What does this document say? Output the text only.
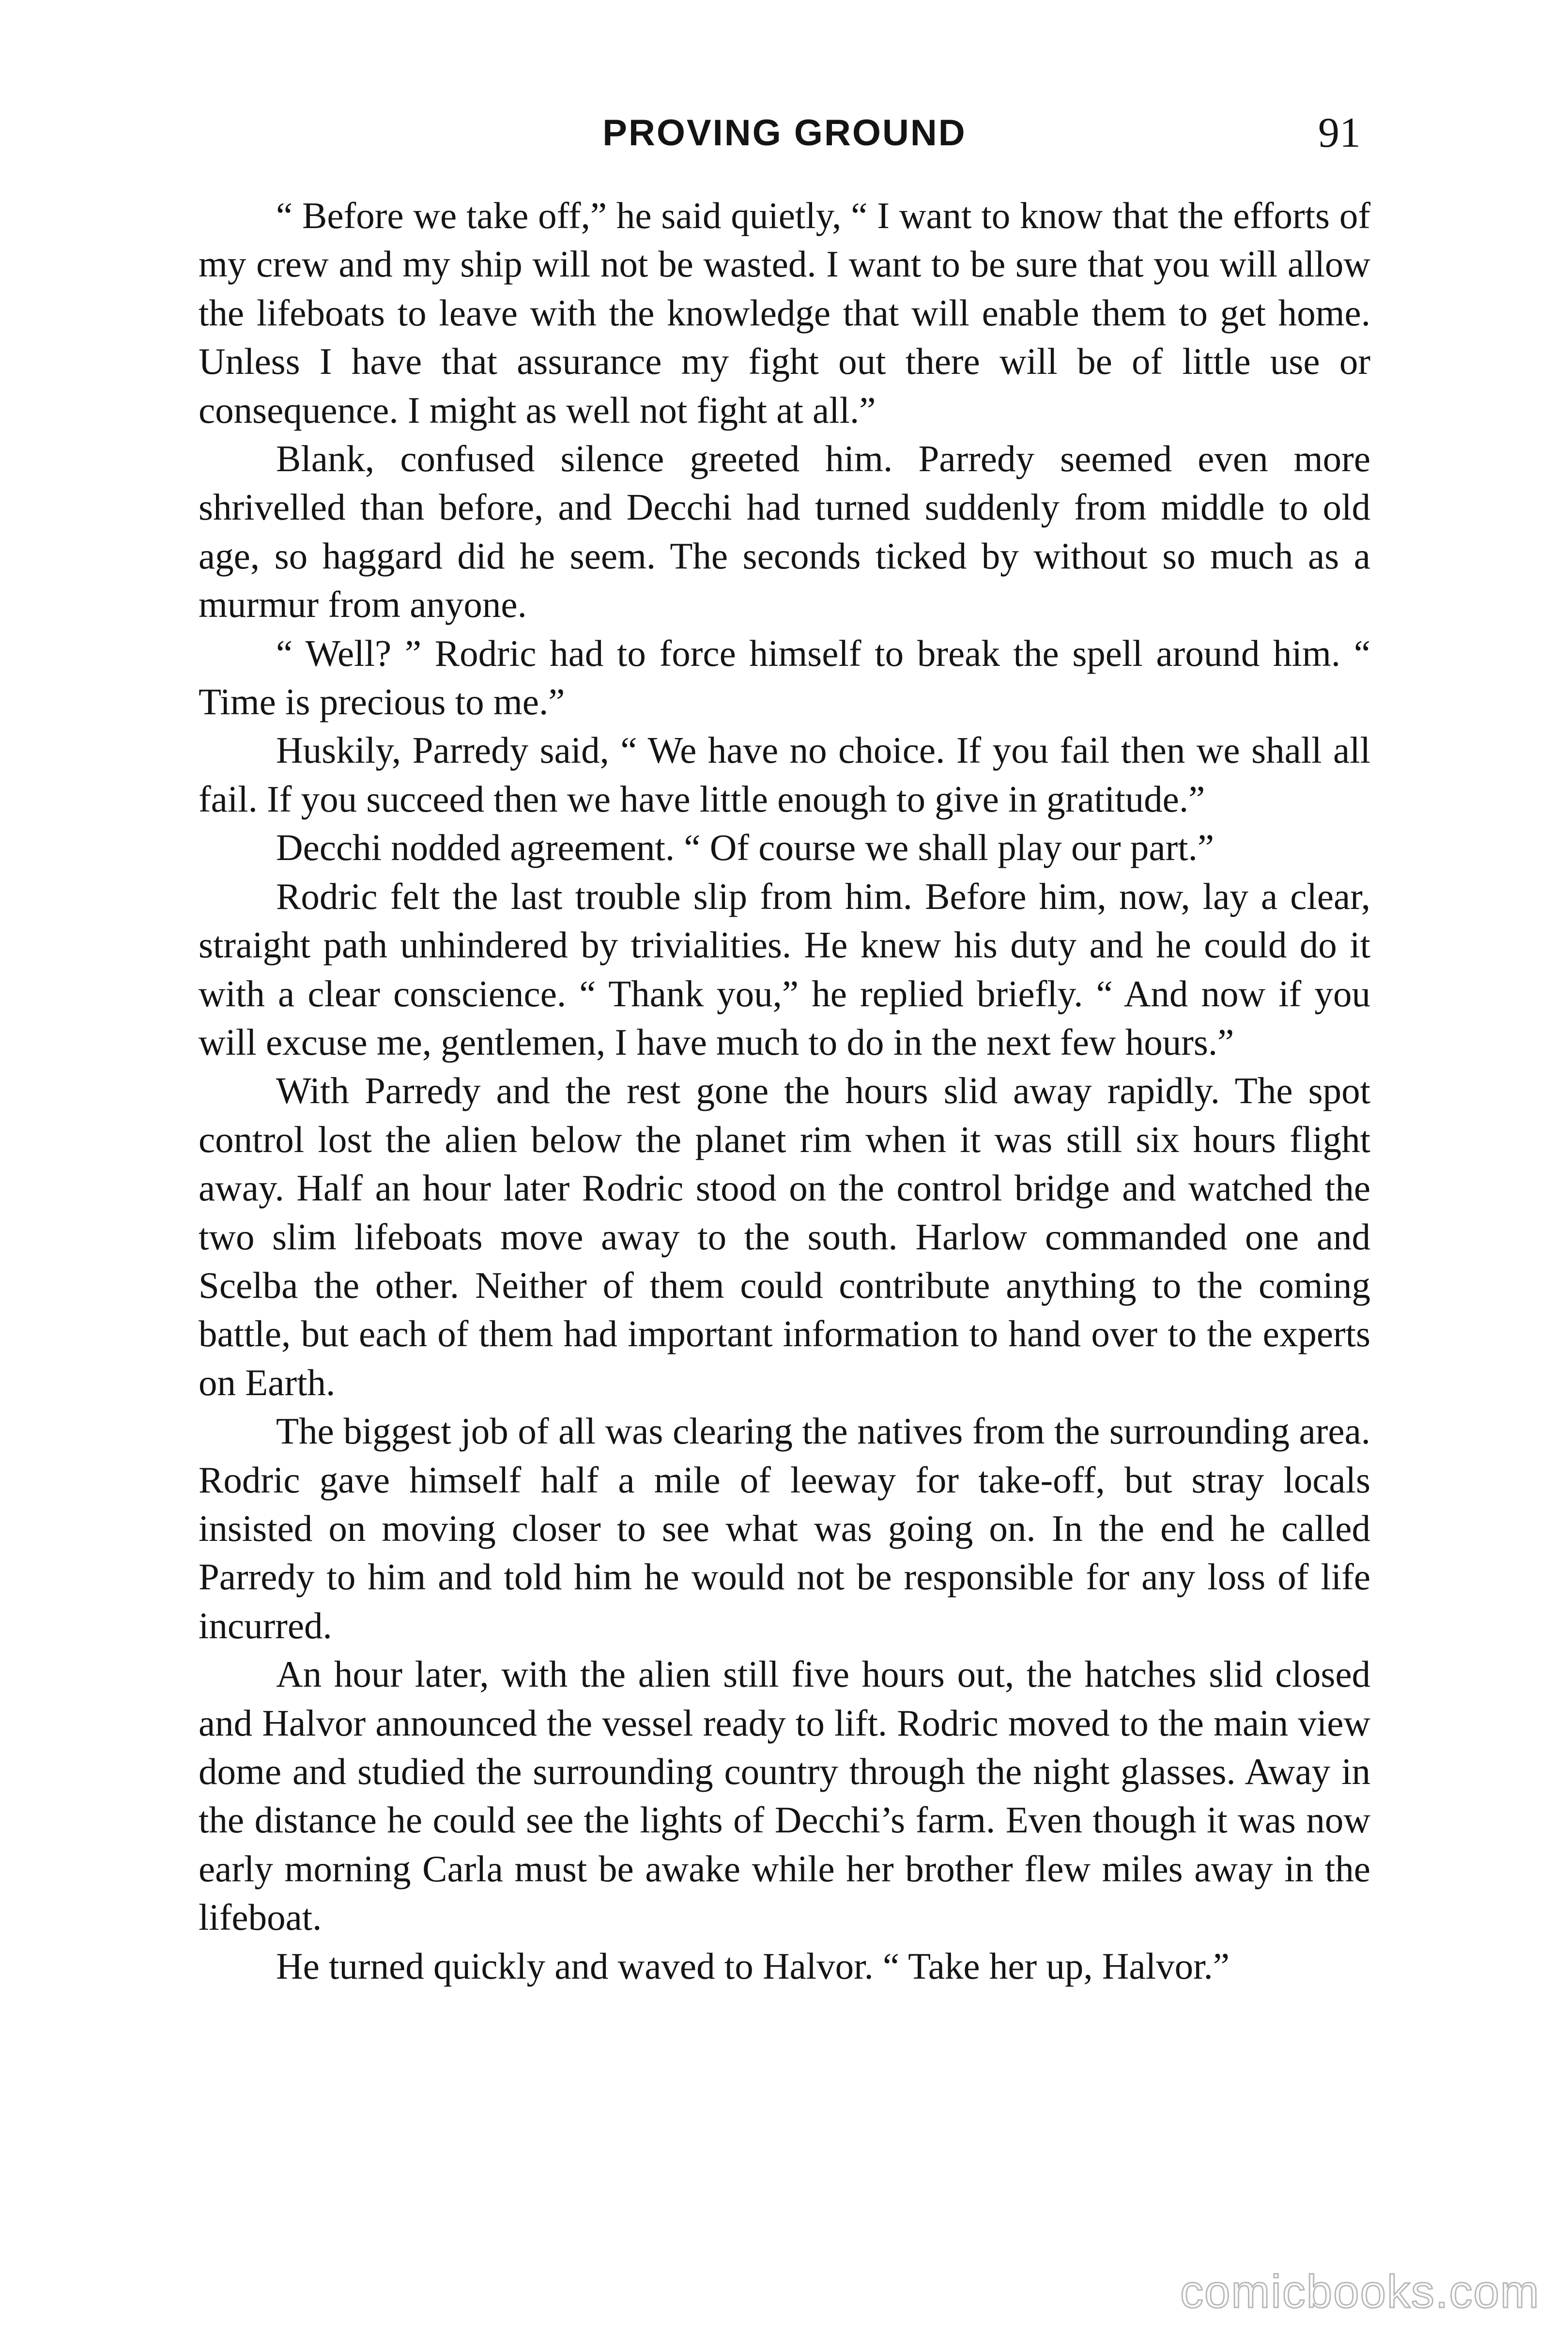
PROVING GROUND	91

“ Before we take off,” he said quietly, “ I want to know that the efforts of my crew and my ship will not be wasted. I want to be sure that you will allow the lifeboats to leave with the knowledge that will enable them to get home. Unless I have that assurance my fight out there will be of little use or consequence. I might as well not fight at all.”

Blank, confused silence greeted him. Parredy seemed even more shrivelled than before, and Decchi had turned suddenly from middle to old age, so haggard did he seem. The seconds ticked by without so much as a murmur from anyone.

“ Well? ” Rodric had to force himself to break the spell around him. “ Time is precious to me.”

Huskily, Parredy said, “ We have no choice. If you fail then we shall all fail. If you succeed then we have little enough to give in gratitude.”

Decchi nodded agreement. “ Of course we shall play our part.”

Rodric felt the last trouble slip from him. Before him, now, lay a clear, straight path unhindered by trivialities. He knew his duty and he could do it with a clear conscience. “ Thank you,” he replied briefly. “ And now if you will excuse me, gentlemen, I have much to do in the next few hours.”

With Parredy and the rest gone the hours slid away rapidly. The spot control lost the alien below the planet rim when it was still six hours flight away. Half an hour later Rodric stood on the control bridge and watched the two slim lifeboats move away to the south. Harlow commanded one and Scelba the other. Neither of them could contribute anything to the coming battle, but each of them had important information to hand over to the experts on Earth.

The biggest job of all was clearing the natives from the surrounding area. Rodric gave himself half a mile of leeway for take-off, but stray locals insisted on moving closer to see what was going on. In the end he called Parredy to him and told him he would not be responsible for any loss of life incurred.

An hour later, with the alien still five hours out, the hatches slid closed and Halvor announced the vessel ready to lift. Rodric moved to the main view dome and studied the surrounding country through the night glasses. Away in the distance he could see the lights of Decchi’s farm. Even though it was now early morning Carla must be awake while her brother flew miles away in the lifeboat.

He turned quickly and waved to Halvor. “ Take her up, Halvor.”

comicbooks.com
